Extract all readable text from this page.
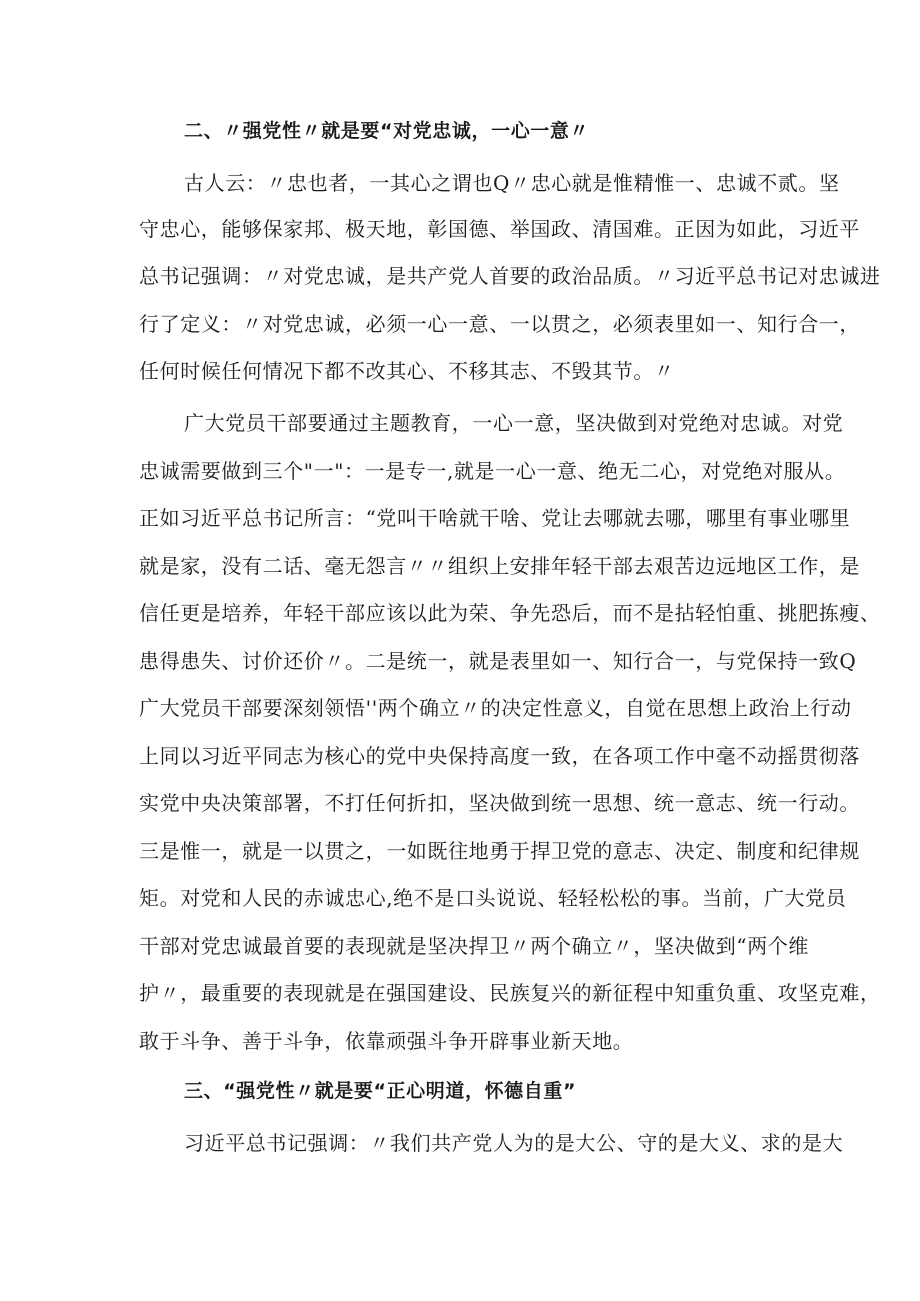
二、〃强党性〃就是要“对党忠诚，一心一意〃
古人云：〃忠也者，一其心之谓也Q〃忠心就是惟精惟一、忠诚不贰。坚
守忠心，能够保家邦、极天地，彰国德、举国政、清国难。正因为如此，习近平
总书记强调：〃对党忠诚，是共产党人首要的政治品质。〃习近平总书记对忠诚进
行了定义：〃对党忠诚，必须一心一意、一以贯之，必须表里如一、知行合一，
任何时候任何情况下都不改其心、不移其志、不毁其节。〃
广大党员干部要通过主题教育，一心一意，坚决做到对党绝对忠诚。对党
忠诚需要做到三个"一"：一是专一,就是一心一意、绝无二心，对党绝对服从。
正如习近平总书记所言：“党叫干啥就干啥、党让去哪就去哪，哪里有事业哪里
就是家，没有二话、毫无怨言〃〃组织上安排年轻干部去艰苦边远地区工作，是
信任更是培养，年轻干部应该以此为荣、争先恐后，而不是拈轻怕重、挑肥拣瘦、
患得患失、讨价还价〃。二是统一，就是表里如一、知行合一，与党保持一致Q
广大党员干部要深刻领悟''两个确立〃的决定性意义，自觉在思想上政治上行动
上同以习近平同志为核心的党中央保持高度一致，在各项工作中毫不动摇贯彻落
实党中央决策部署，不打任何折扣，坚决做到统一思想、统一意志、统一行动。
三是惟一，就是一以贯之，一如既往地勇于捍卫党的意志、决定、制度和纪律规
矩。对党和人民的赤诚忠心,绝不是口头说说、轻轻松松的事。当前，广大党员
干部对党忠诚最首要的表现就是坚决捍卫〃两个确立〃，坚决做到“两个维
护〃，最重要的表现就是在强国建设、民族复兴的新征程中知重负重、攻坚克难，
敢于斗争、善于斗争，依靠顽强斗争开辟事业新天地。
三、“强党性〃就是要“正心明道，怀德自重”
习近平总书记强调：〃我们共产党人为的是大公、守的是大义、求的是大
